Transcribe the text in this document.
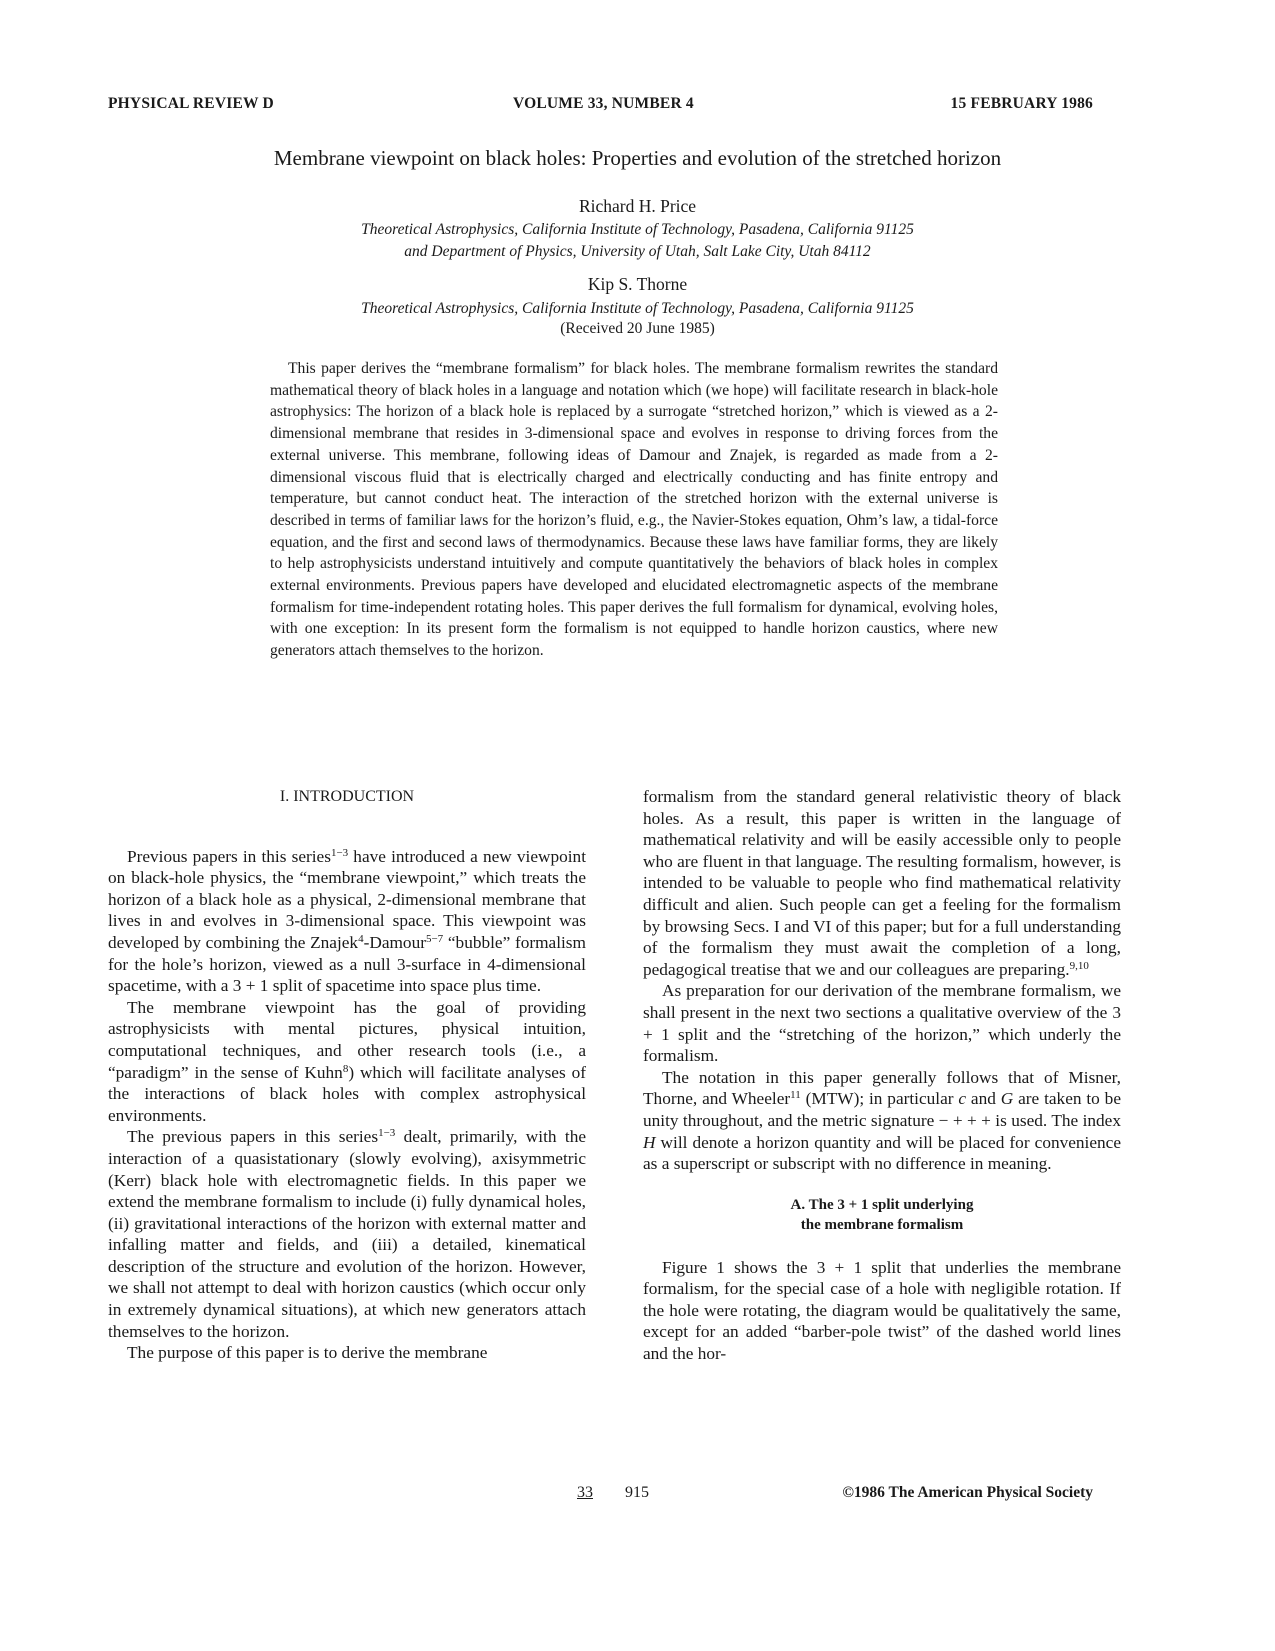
PHYSICAL REVIEW D	VOLUME 33, NUMBER 4	15 FEBRUARY 1986
Membrane viewpoint on black holes: Properties and evolution of the stretched horizon
Richard H. Price
Theoretical Astrophysics, California Institute of Technology, Pasadena, California 91125
and Department of Physics, University of Utah, Salt Lake City, Utah 84112
Kip S. Thorne
Theoretical Astrophysics, California Institute of Technology, Pasadena, California 91125
(Received 20 June 1985)
This paper derives the “membrane formalism” for black holes. The membrane formalism rewrites the standard mathematical theory of black holes in a language and notation which (we hope) will facilitate research in black-hole astrophysics: The horizon of a black hole is replaced by a surrogate “stretched horizon,” which is viewed as a 2-dimensional membrane that resides in 3-dimensional space and evolves in response to driving forces from the external universe. This membrane, following ideas of Damour and Znajek, is regarded as made from a 2-dimensional viscous fluid that is electrically charged and electrically conducting and has finite entropy and temperature, but cannot conduct heat. The interaction of the stretched horizon with the external universe is described in terms of familiar laws for the horizon’s fluid, e.g., the Navier-Stokes equation, Ohm’s law, a tidal-force equation, and the first and second laws of thermodynamics. Because these laws have familiar forms, they are likely to help astrophysicists understand intuitively and compute quantitatively the behaviors of black holes in complex external environments. Previous papers have developed and elucidated electromagnetic aspects of the membrane formalism for time-independent rotating holes. This paper derives the full formalism for dynamical, evolving holes, with one exception: In its present form the formalism is not equipped to handle horizon caustics, where new generators attach themselves to the horizon.
I. INTRODUCTION

Previous papers in this series$^{1-3}$ have introduced a new viewpoint on black-hole physics, the “membrane viewpoint,” which treats the horizon of a black hole as a physical, 2-dimensional membrane that lives in and evolves in 3-dimensional space. This viewpoint was developed by combining the Znajek$^4$-Damour$^{5-7}$ “bubble” formalism for the hole’s horizon, viewed as a null 3-surface in 4-dimensional spacetime, with a 3 + 1 split of spacetime into space plus time.

The membrane viewpoint has the goal of providing astrophysicists with mental pictures, physical intuition, computational techniques, and other research tools (i.e., a “paradigm” in the sense of Kuhn$^8$) which will facilitate analyses of the interactions of black holes with complex astrophysical environments.

The previous papers in this series$^{1-3}$ dealt, primarily, with the interaction of a quasistationary (slowly evolving), axisymmetric (Kerr) black hole with electromagnetic fields. In this paper we extend the membrane formalism to include (i) fully dynamical holes, (ii) gravitational interactions of the horizon with external matter and infalling matter and fields, and (iii) a detailed, kinematical description of the structure and evolution of the horizon. However, we shall not attempt to deal with horizon caustics (which occur only in extremely dynamical situations), at which new generators attach themselves to the horizon.

The purpose of this paper is to derive the membrane

formalism from the standard general relativistic theory of black holes. As a result, this paper is written in the language of mathematical relativity and will be easily accessible only to people who are fluent in that language. The resulting formalism, however, is intended to be valuable to people who find mathematical relativity difficult and alien. Such people can get a feeling for the formalism by browsing Secs. I and VI of this paper; but for a full understanding of the formalism they must await the completion of a long, pedagogical treatise that we and our colleagues are preparing.$^{9,10}$

As preparation for our derivation of the membrane formalism, we shall present in the next two sections a qualitative overview of the 3 + 1 split and the “stretching of the horizon,” which underly the formalism.

The notation in this paper generally follows that of Misner, Thorne, and Wheeler$^{11}$ (MTW); in particular c and G are taken to be unity throughout, and the metric signature − + + + is used. The index H will denote a horizon quantity and will be placed for convenience as a superscript or subscript with no difference in meaning.

A. The 3 + 1 split underlying
the membrane formalism

Figure 1 shows the 3 + 1 split that underlies the membrane formalism, for the special case of a hole with negligible rotation. If the hole were rotating, the diagram would be qualitatively the same, except for an added “barber-pole twist” of the dashed world lines and the hor-

33 915	©1986 The American Physical Society
